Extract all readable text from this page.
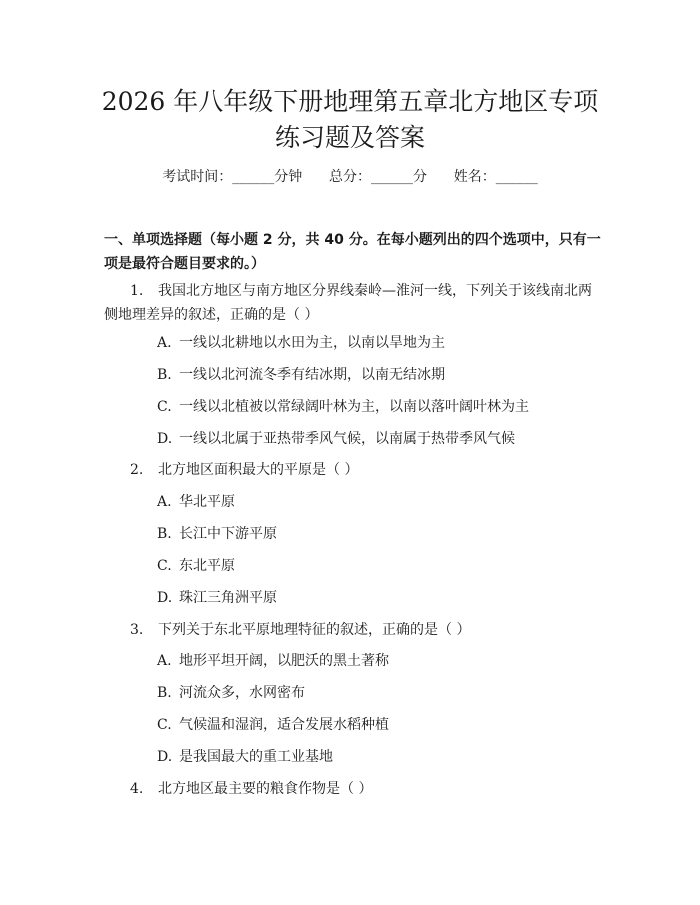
2026 年八年级下册地理第五章北方地区专项
练习题及答案
考试时间：______分钟      总分：______分      姓名：______
一、单项选择题（每小题 2 分，共 40 分。在每小题列出的四个选项中，只有一项是最符合题目要求的。）
1. 我国北方地区与南方地区分界线秦岭—淮河一线，下列关于该线南北两侧地理差异的叙述，正确的是（ ）
A. 一线以北耕地以水田为主，以南以旱地为主
B. 一线以北河流冬季有结冰期，以南无结冰期
C. 一线以北植被以常绿阔叶林为主，以南以落叶阔叶林为主
D. 一线以北属于亚热带季风气候，以南属于热带季风气候
2. 北方地区面积最大的平原是（ ）
A. 华北平原
B. 长江中下游平原
C. 东北平原
D. 珠江三角洲平原
3. 下列关于东北平原地理特征的叙述，正确的是（ ）
A. 地形平坦开阔，以肥沃的黑土著称
B. 河流众多，水网密布
C. 气候温和湿润，适合发展水稻种植
D. 是我国最大的重工业基地
4. 北方地区最主要的粮食作物是（ ）
